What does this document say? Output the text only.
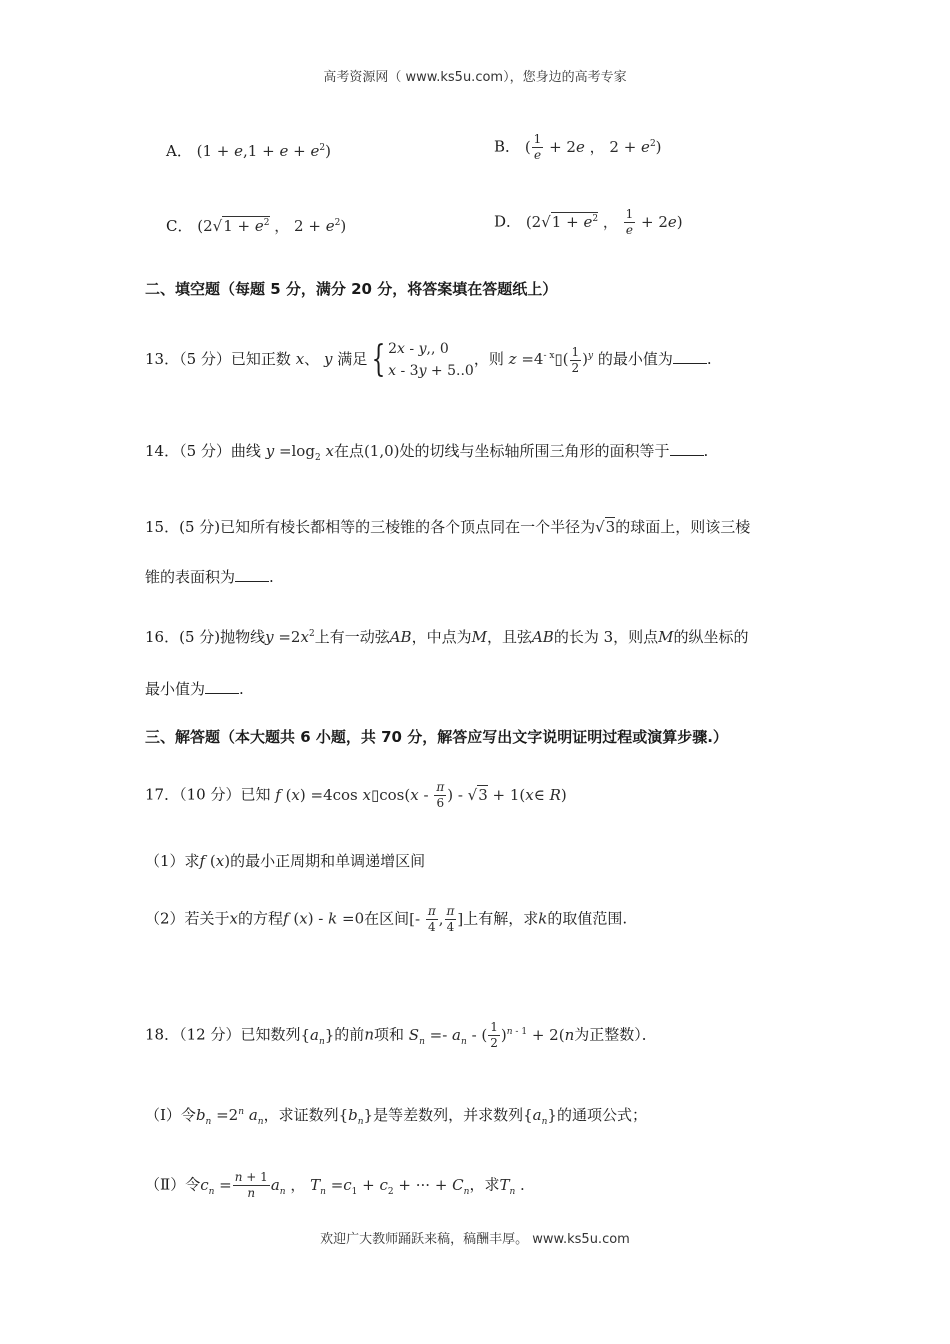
高考资源网（ www.ks5u.com），您身边的高考专家
A． $(1 + e,1 + e + e^2)$	B． ( $\frac{1}{e} + 2e$ ， $2 + e^2$)
C． ($2√1 + e^2$ ， $2 + e^2$)	D． ($2√1 + e^2$ ， $\frac{1}{e} + 2e$)
二、填空题（每题 5 分，满分 20 分，将答案填在答题纸上）
13．（5 分）已知正数 x、 y 满足 { 2x - y,, 0
x - 3y + 5..0，则 $z =4^{- x}▯( \frac{1}{2} )^y$ 的最小值为 .
14．（5 分）曲线 $y =\log_2$ x在点(1,0)处的切线与坐标轴所围三角形的面积等于 .
15．(5 分)已知所有棱长都相等的三棱锥的各个顶点同在一个半径为√3的球面上，则该三棱
锥的表面积为 .
16．(5 分)抛物线$y =2x^2$上有一动弦AB，中点为M，且弦AB的长为 3，则点M的纵坐标的
最小值为 .
三、解答题（本大题共 6 小题，共 70 分，解答应写出文字说明证明过程或演算步骤.）
17．（10 分）已知 f (x) =4cos x▯cos(x - $\frac{\pi}{6}$ ) - √3 + 1(x∈ R)
（1）求f (x)的最小正周期和单调递增区间
（2）若关于x的方程f (x) - k =0在区间[- $\frac{\pi}{4}$ , $\frac{\pi}{4}$ ]上有解，求k的取值范围.
18．（12 分）已知数列$\{a_n\}$的前n项和 $S_n =- a_n$ - ( $\frac{1}{2} )^{n - 1} + 2(n$为正整数）．
（Ⅰ）令$b_n =2^n$ $a_n$，求证数列$\{b_n\}$是等差数列，并求数列$\{a_n\}$的通项公式；
（Ⅱ）令$c_n = \frac{n + 1}{n} a_n$ ， $T_n =c_1 + c_2$ + ··· + $C_n$，求$T_n$ .
欢迎广大教师踊跃来稿，稿酬丰厚。 www.ks5u.com
